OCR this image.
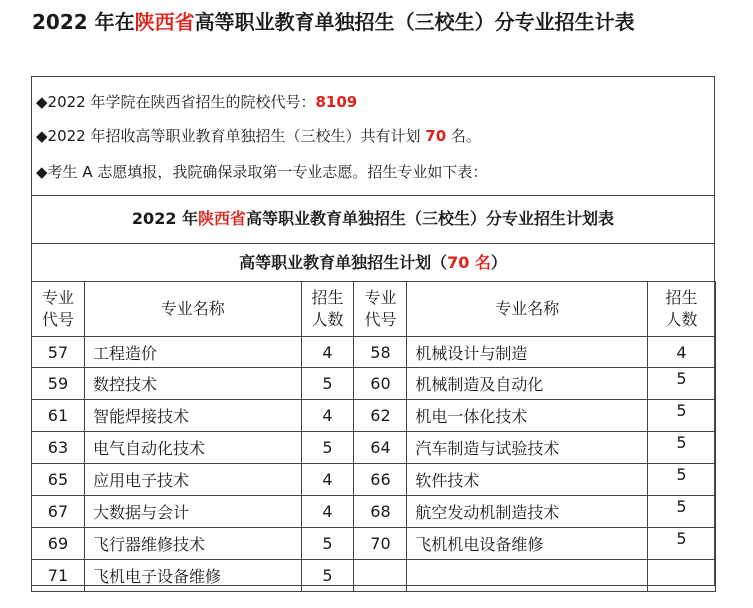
2022 年在陕西省高等职业教育单独招生（三校生）分专业招生计表
◆2022 年学院在陕西省招生的院校代号：8109
◆2022 年招收高等职业教育单独招生（三校生）共有计划 70 名。
◆考生 A 志愿填报，我院确保录取第一专业志愿。招生专业如下表：
2022 年陕西省高等职业教育单独招生（三校生）分专业招生计划表
高等职业教育单独招生计划（70 名）
专业代号	专业名称	招生人数	专业代号	专业名称	招生人数
57	工程造价	4	58	机械设计与制造	4
59	数控技术	5	60	机械制造及自动化	5
61	智能焊接技术	4	62	机电一体化技术	5
63	电气自动化技术	5	64	汽车制造与试验技术	5
65	应用电子技术	4	66	软件技术	5
67	大数据与会计	4	68	航空发动机制造技术	5
69	飞行器维修技术	5	70	飞机机电设备维修	5
71	飞机电子设备维修	5			
